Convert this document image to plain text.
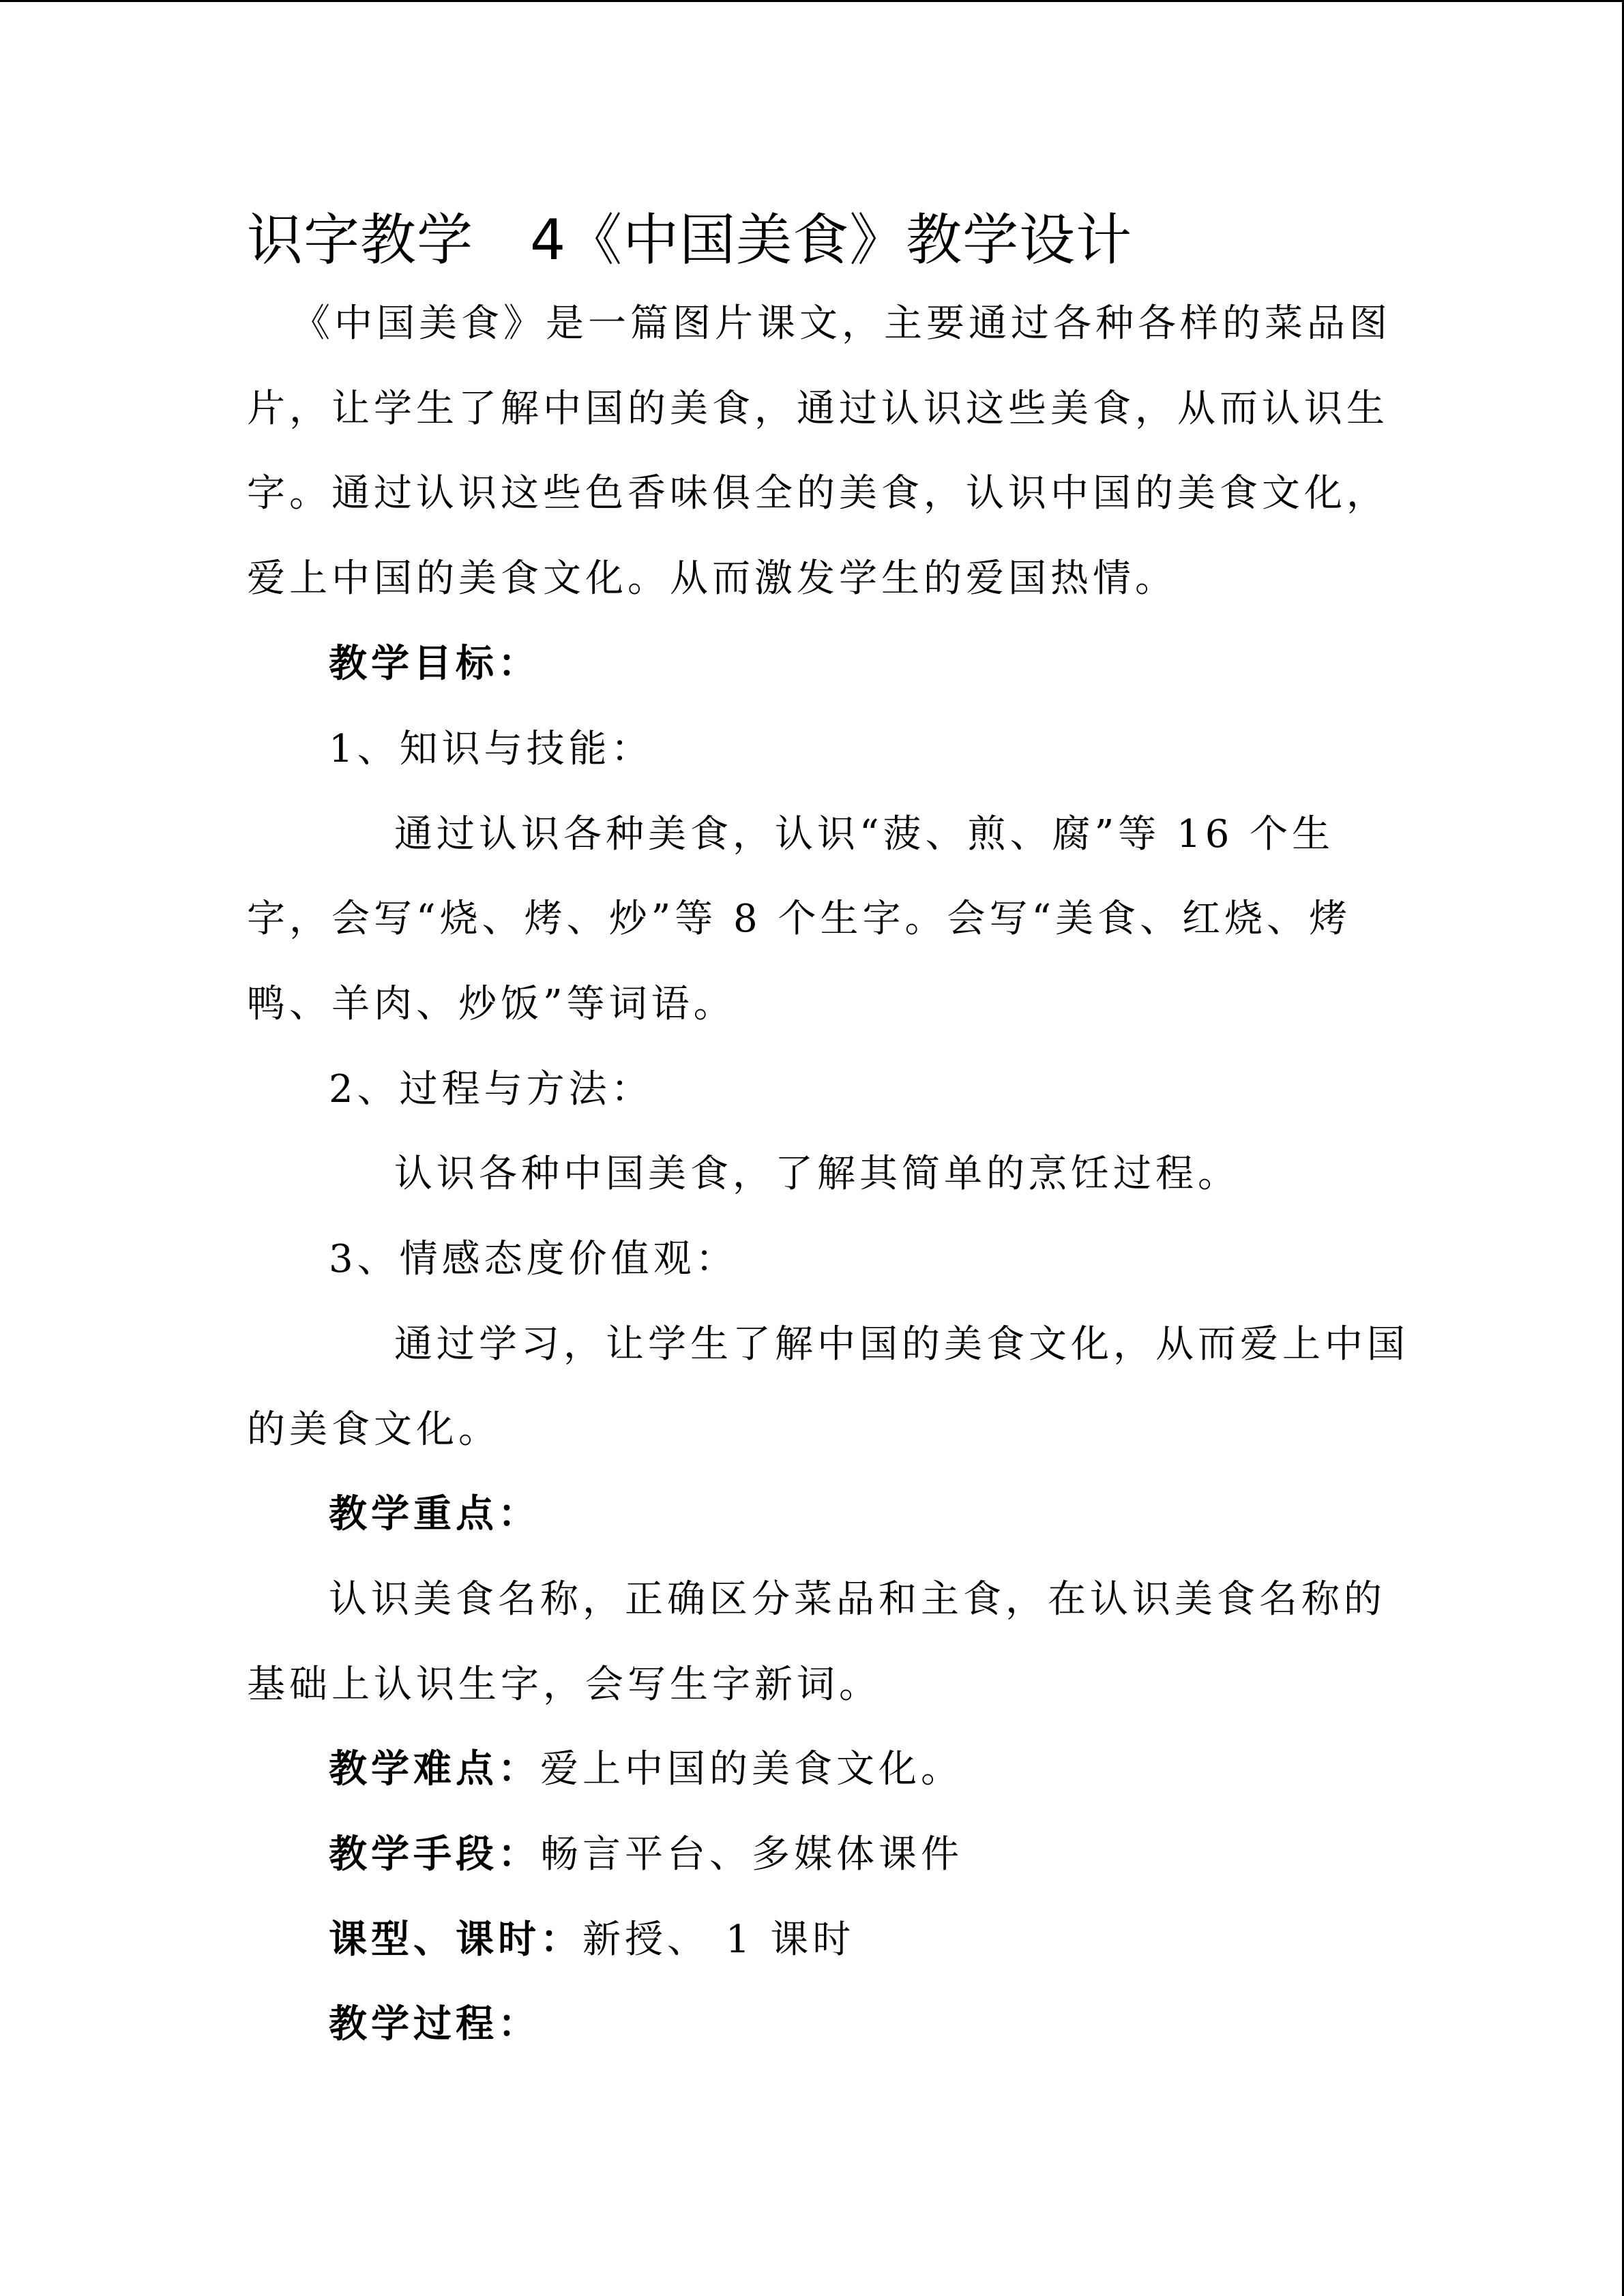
识字教学　4《中国美食》教学设计
《中国美食》是一篇图片课文，主要通过各种各样的菜品图
片，让学生了解中国的美食，通过认识这些美食，从而认识生
字。通过认识这些色香味俱全的美食，认识中国的美食文化，
爱上中国的美食文化。从而激发学生的爱国热情。
教学目标：
1、知识与技能：
通过认识各种美食，认识“菠、煎、腐”等 16 个生
字，会写“烧、烤、炒”等 8 个生字。会写“美食、红烧、烤
鸭、羊肉、炒饭”等词语。
2、过程与方法：
认识各种中国美食，了解其简单的烹饪过程。
3、情感态度价值观：
通过学习，让学生了解中国的美食文化，从而爱上中国
的美食文化。
教学重点：
认识美食名称，正确区分菜品和主食，在认识美食名称的
基础上认识生字，会写生字新词。
教学难点：爱上中国的美食文化。
教学手段：畅言平台、多媒体课件
课型、课时：新授、 1 课时
教学过程：
